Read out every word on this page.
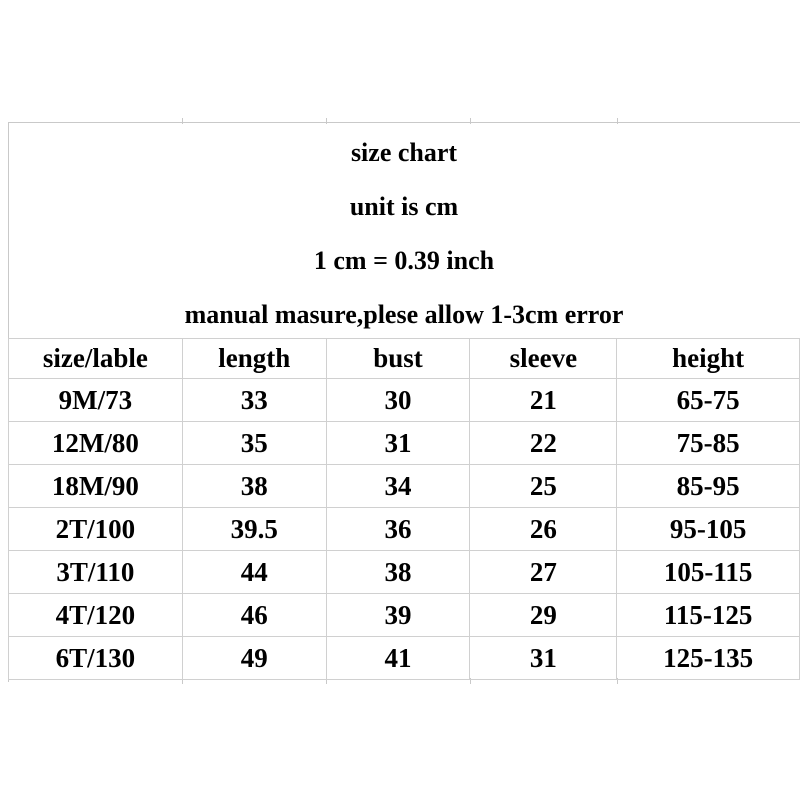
size chart
unit is cm
1 cm = 0.39 inch
manual masure,plese allow 1-3cm error
size/lable	length	bust	sleeve	height
9M/73	33	30	21	65-75
12M/80	35	31	22	75-85
18M/90	38	34	25	85-95
2T/100	39.5	36	26	95-105
3T/110	44	38	27	105-115
4T/120	46	39	29	115-125
6T/130	49	41	31	125-135
